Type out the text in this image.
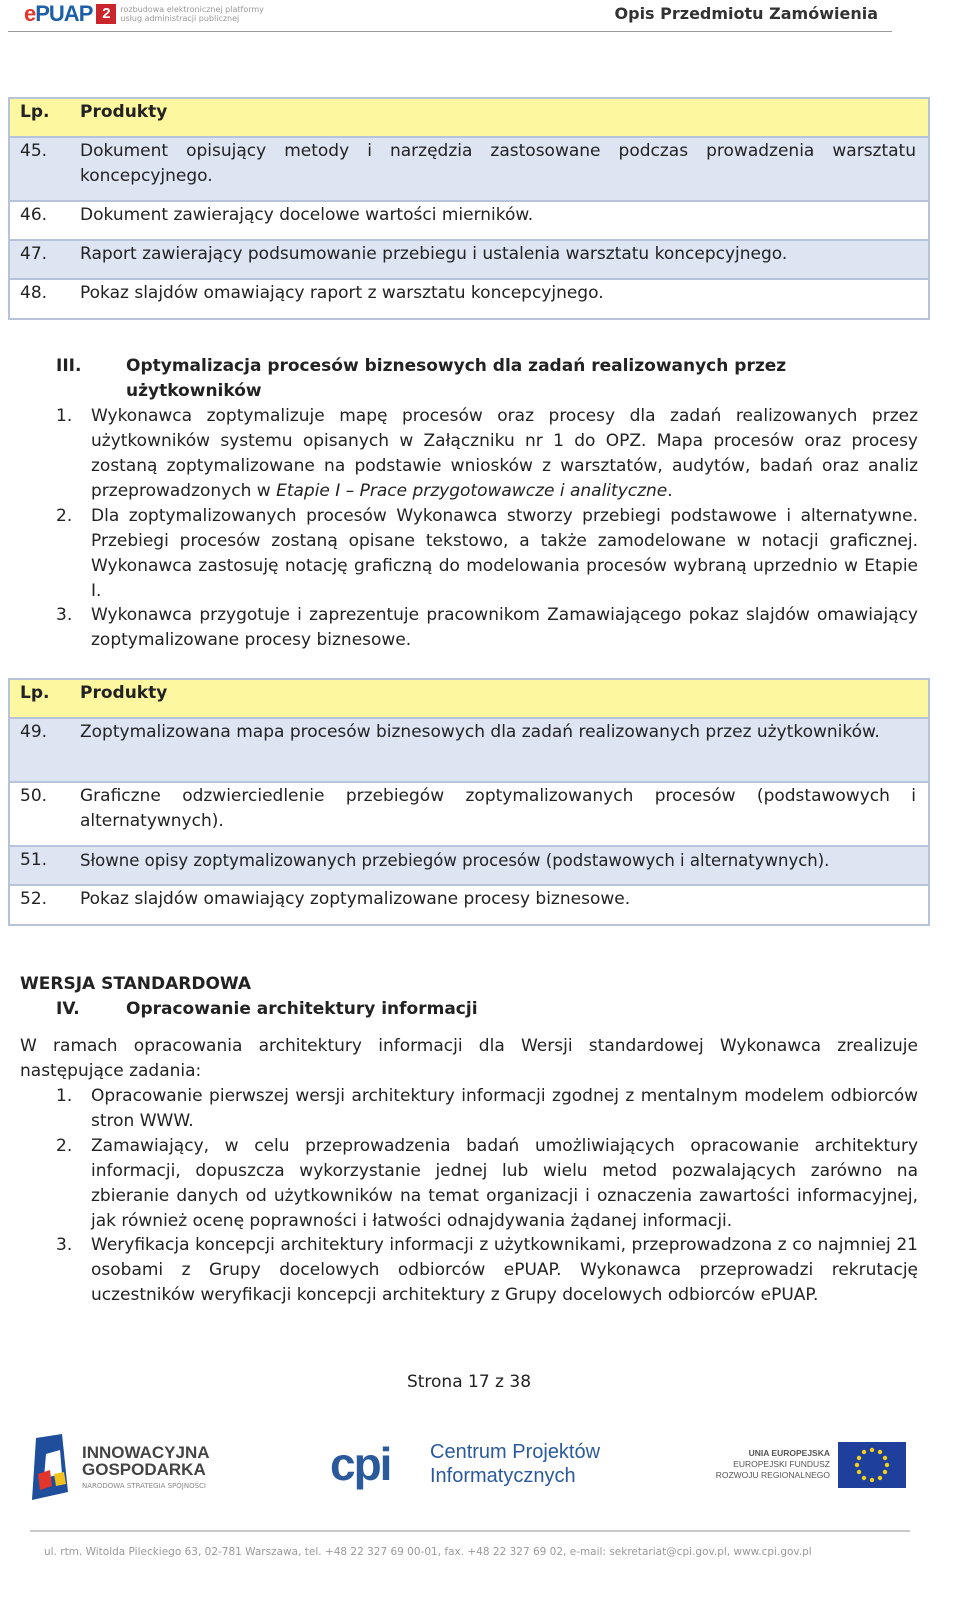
ePUAP 2	rozbudowa elektronicznej platformy usług administracji publicznej	Opis Przedmiotu Zamówienia
Lp. Produkty
45. Dokument opisujący metody i narzędzia zastosowane podczas prowadzenia warsztatu koncepcyjnego.
46. Dokument zawierający docelowe wartości mierników.
47. Raport zawierający podsumowanie przebiegu i ustalenia warsztatu koncepcyjnego.
48. Pokaz slajdów omawiający raport z warsztatu koncepcyjnego.
III.	Optymalizacja procesów biznesowych dla zadań realizowanych przez użytkowników
1. Wykonawca zoptymalizuje mapę procesów oraz procesy dla zadań realizowanych przez użytkowników systemu opisanych w Załączniku nr 1 do OPZ. Mapa procesów oraz procesy zostaną zoptymalizowane na podstawie wniosków z warsztatów, audytów, badań oraz analiz przeprowadzonych w Etapie I – Prace przygotowawcze i analityczne.
2. Dla zoptymalizowanych procesów Wykonawca stworzy przebiegi podstawowe i alternatywne. Przebiegi procesów zostaną opisane tekstowo, a także zamodelowane w notacji graficznej. Wykonawca zastosuję notację graficzną do modelowania procesów wybraną uprzednio w Etapie I.
3. Wykonawca przygotuje i zaprezentuje pracownikom Zamawiającego pokaz slajdów omawiający zoptymalizowane procesy biznesowe.
Lp. Produkty
49. Zoptymalizowana mapa procesów biznesowych dla zadań realizowanych przez użytkowników.
50. Graficzne odzwierciedlenie przebiegów zoptymalizowanych procesów (podstawowych i alternatywnych).
51. Słowne opisy zoptymalizowanych przebiegów procesów (podstawowych i alternatywnych).
52. Pokaz slajdów omawiający zoptymalizowane procesy biznesowe.
WERSJA STANDARDOWA
IV.	Opracowanie architektury informacji
W ramach opracowania architektury informacji dla Wersji standardowej Wykonawca zrealizuje następujące zadania:
1. Opracowanie pierwszej wersji architektury informacji zgodnej z mentalnym modelem odbiorców stron WWW.
2. Zamawiający, w celu przeprowadzenia badań umożliwiających opracowanie architektury informacji, dopuszcza wykorzystanie jednej lub wielu metod pozwalających zarówno na zbieranie danych od użytkowników na temat organizacji i oznaczenia zawartości informacyjnej, jak również ocenę poprawności i łatwości odnajdywania żądanej informacji.
3. Weryfikacja koncepcji architektury informacji z użytkownikami, przeprowadzona z co najmniej 21 osobami z Grupy docelowych odbiorców ePUAP. Wykonawca przeprowadzi rekrutację uczestników weryfikacji koncepcji architektury z Grupy docelowych odbiorców ePUAP.
Strona 17 z 38
INNOWACYJNA
GOSPODARKA
NARODOWA STRATEGIA SPÓJNOŚCI	cpi Centrum Projektów
Informatycznych
UNIA EUROPEJSKA
EUROPEJSKI FUNDUSZ
ROZWOJU REGIONALNEGO
ul. rtm. Witolda Pileckiego 63, 02-781 Warszawa, tel. +48 22 327 69 00-01, fax. +48 22 327 69 02, e-mail: sekretariat@cpi.gov.pl, www.cpi.gov.pl
